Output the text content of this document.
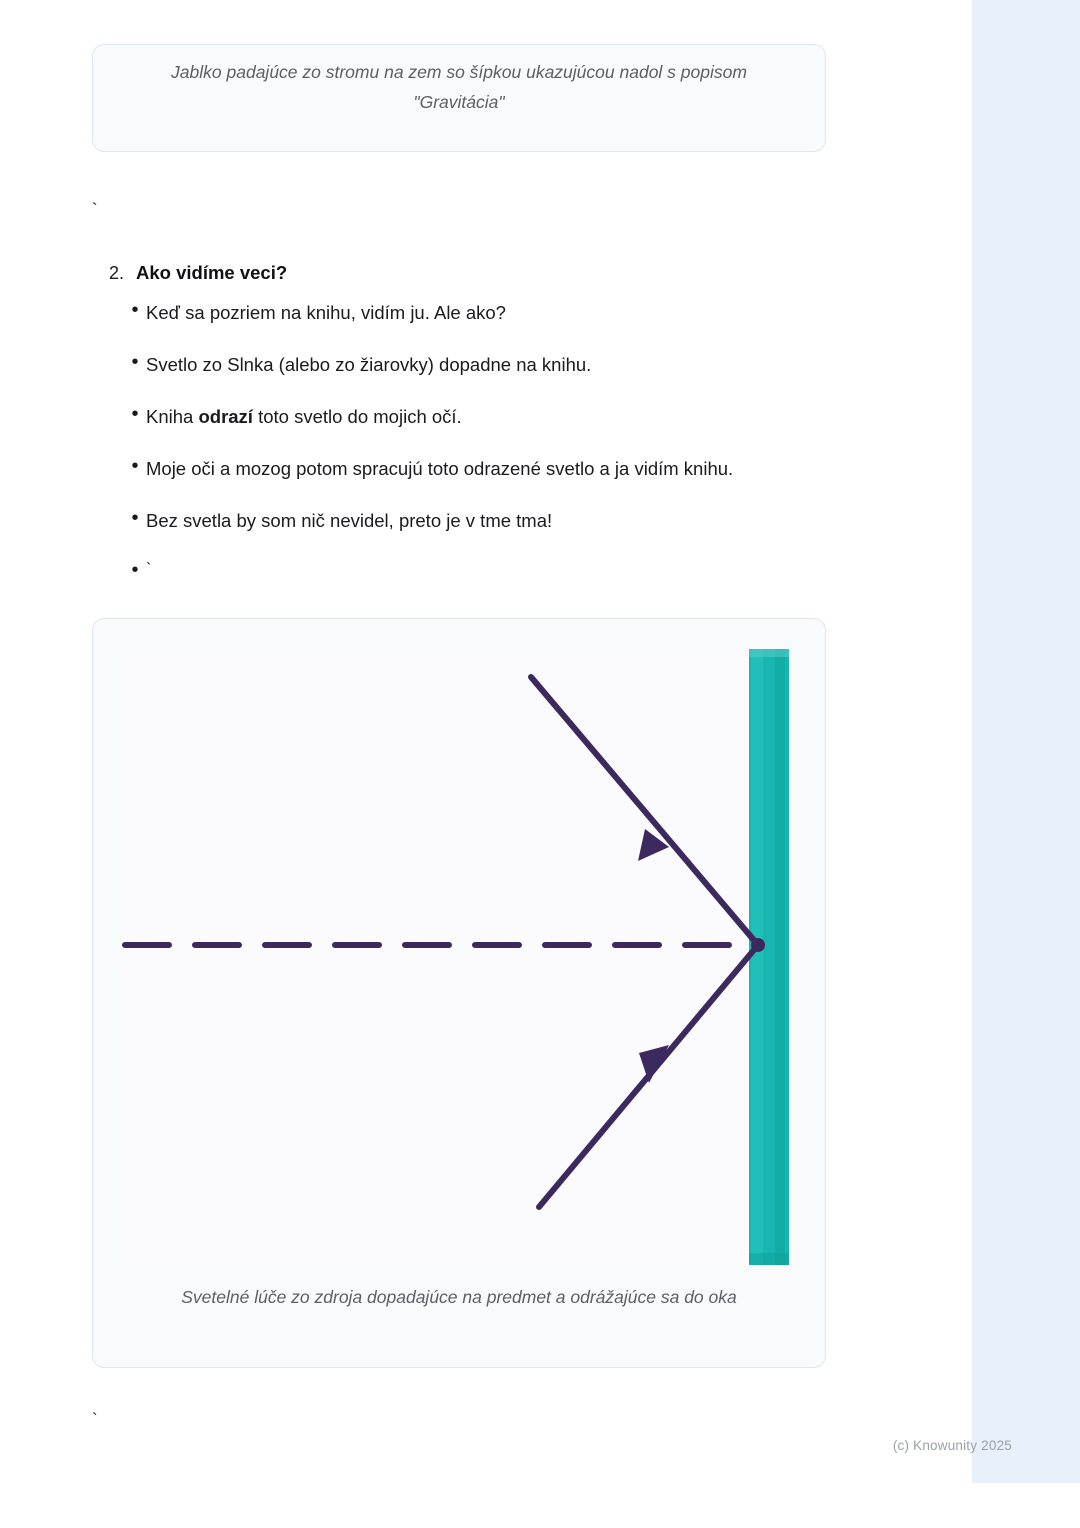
Jablko padajúce zo stromu na zem so šípkou ukazujúcou nadol s popisom "Gravitácia"
`
2. Ako vidíme veci?
• Keď sa pozriem na knihu, vidím ju. Ale ako?
• Svetlo zo Slnka (alebo zo žiarovky) dopadne na knihu.
• Kniha odrazí toto svetlo do mojich očí.
• Moje oči a mozog potom spracujú toto odrazené svetlo a ja vidím knihu.
• Bez svetla by som nič nevidel, preto je v tme tma!
• `
Svetelné lúče zo zdroja dopadajúce na predmet a odrážajúce sa do oka
`
(c) Knowunity 2025
